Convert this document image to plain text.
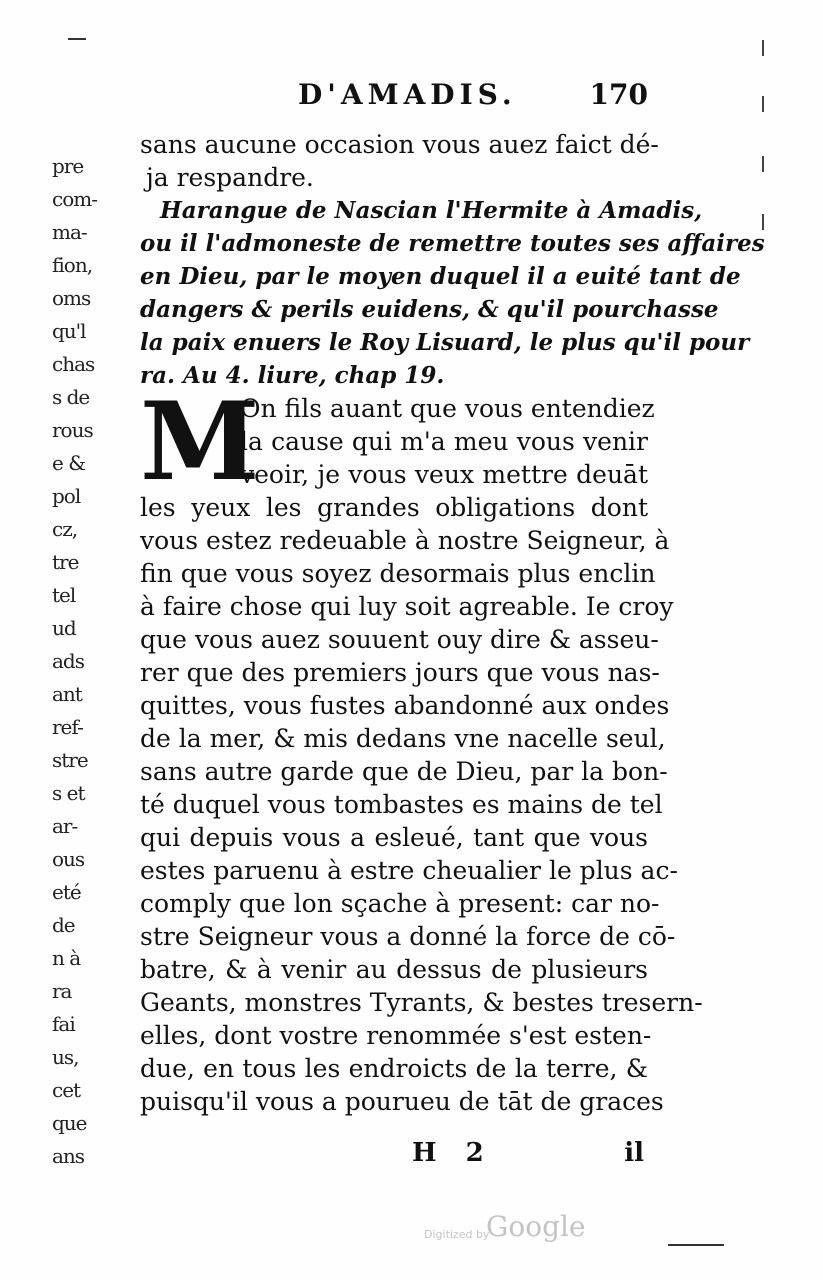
pre
com-
ma-
fion,
oms
qu'l
chas
s de
rous
e &
pol
cz,
tre
tel
ud
ads
ant
ref-
stre
s et
ar-
ous
eté
de
n à
ra
fai
us,
cet
que
ans
D'AMADIS.	170
sans aucune occasion vous auez faict dé-
ja respandre.
Harangue de Nascian l'Hermite à Amadis,
ou il l'admoneste de remettre toutes ses affaires
en Dieu, par le moyen duquel il a euité tant de
dangers & perils euidens, & qu'il pourchasse
la paix enuers le Roy Lisuard, le plus qu'il pour
ra. Au 4. liure, chap 19.
M
On fils auant que vous entendiez
la cause qui m'a meu vous venir
veoir, je vous veux mettre deuāt
les yeux les grandes obligations dont
vous estez redeuable à nostre Seigneur, à
fin que vous soyez desormais plus enclin
à faire chose qui luy soit agreable. Ie croy
que vous auez souuent ouy dire & asseu-
rer que des premiers jours que vous nas-
quittes, vous fustes abandonné aux ondes
de la mer, & mis dedans vne nacelle seul,
sans autre garde que de Dieu, par la bon-
té duquel vous tombastes es mains de tel
qui depuis vous a esleué, tant que vous
estes paruenu à estre cheualier le plus ac-
comply que lon sçache à present: car no-
stre Seigneur vous a donné la force de cō-
batre, & à venir au dessus de plusieurs
Geants, monstres Tyrants, & bestes tresern-
elles, dont vostre renommée s'est esten-
due, en tous les endroicts de la terre, &
puisqu'il vous a pourueu de tāt de graces
H 2	il
Digitized by
Google
